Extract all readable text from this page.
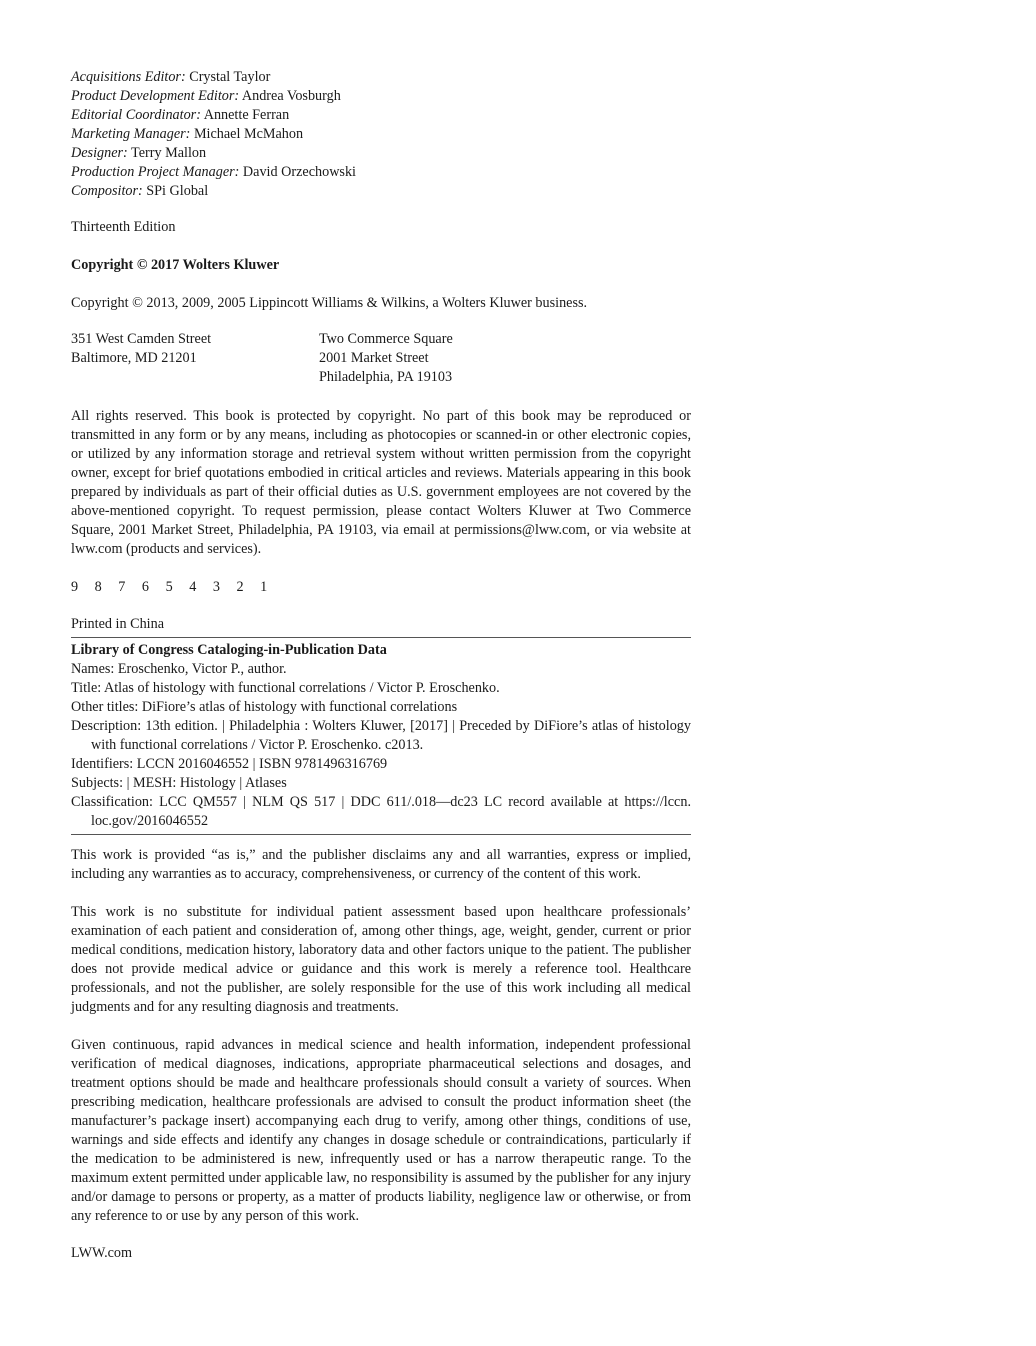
Acquisitions Editor: Crystal Taylor
Product Development Editor: Andrea Vosburgh
Editorial Coordinator: Annette Ferran
Marketing Manager: Michael McMahon
Designer: Terry Mallon
Production Project Manager: David Orzechowski
Compositor: SPi Global
Thirteenth Edition
Copyright © 2017 Wolters Kluwer
Copyright © 2013, 2009, 2005 Lippincott Williams & Wilkins, a Wolters Kluwer business.
351 West Camden Street
Baltimore, MD 21201
Two Commerce Square
2001 Market Street
Philadelphia, PA 19103
All rights reserved. This book is protected by copyright. No part of this book may be reproduced or transmitted in any form or by any means, including as photocopies or scanned-in or other electronic copies, or utilized by any information storage and retrieval system without written permission from the copyright owner, except for brief quotations embodied in critical articles and reviews. Materials appearing in this book prepared by individuals as part of their official duties as U.S. government employees are not covered by the above-mentioned copyright. To request permission, please contact Wolters Kluwer at Two Commerce Square, 2001 Market Street, Philadelphia, PA 19103, via email at permissions@lww.com, or via website at lww.com (products and services).
9 8 7 6 5 4 3 2 1
Printed in China
Library of Congress Cataloging-in-Publication Data
Names: Eroschenko, Victor P., author.
Title: Atlas of histology with functional correlations / Victor P. Eroschenko.
Other titles: DiFiore’s atlas of histology with functional correlations
Description: 13th edition. | Philadelphia : Wolters Kluwer, [2017] | Preceded by DiFiore’s atlas of histology with functional correlations / Victor P. Eroschenko. c2013.
Identifiers: LCCN 2016046552 | ISBN 9781496316769
Subjects: | MESH: Histology | Atlases
Classification: LCC QM557 | NLM QS 517 | DDC 611/.018—dc23 LC record available at https://lccn. loc.gov/2016046552
This work is provided “as is,” and the publisher disclaims any and all warranties, express or implied, including any warranties as to accuracy, comprehensiveness, or currency of the content of this work.
This work is no substitute for individual patient assessment based upon healthcare professionals’ examination of each patient and consideration of, among other things, age, weight, gender, current or prior medical conditions, medication history, laboratory data and other factors unique to the patient. The publisher does not provide medical advice or guidance and this work is merely a reference tool. Healthcare professionals, and not the publisher, are solely responsible for the use of this work including all medical judgments and for any resulting diagnosis and treatments.
Given continuous, rapid advances in medical science and health information, independent professional verification of medical diagnoses, indications, appropriate pharmaceutical selections and dosages, and treatment options should be made and healthcare professionals should consult a variety of sources. When prescribing medication, healthcare professionals are advised to consult the product information sheet (the manufacturer’s package insert) accompanying each drug to verify, among other things, conditions of use, warnings and side effects and identify any changes in dosage schedule or contraindications, particularly if the medication to be administered is new, infrequently used or has a narrow therapeutic range. To the maximum extent permitted under applicable law, no responsibility is assumed by the publisher for any injury and/or damage to persons or property, as a matter of products liability, negligence law or otherwise, or from any reference to or use by any person of this work.
LWW.com
